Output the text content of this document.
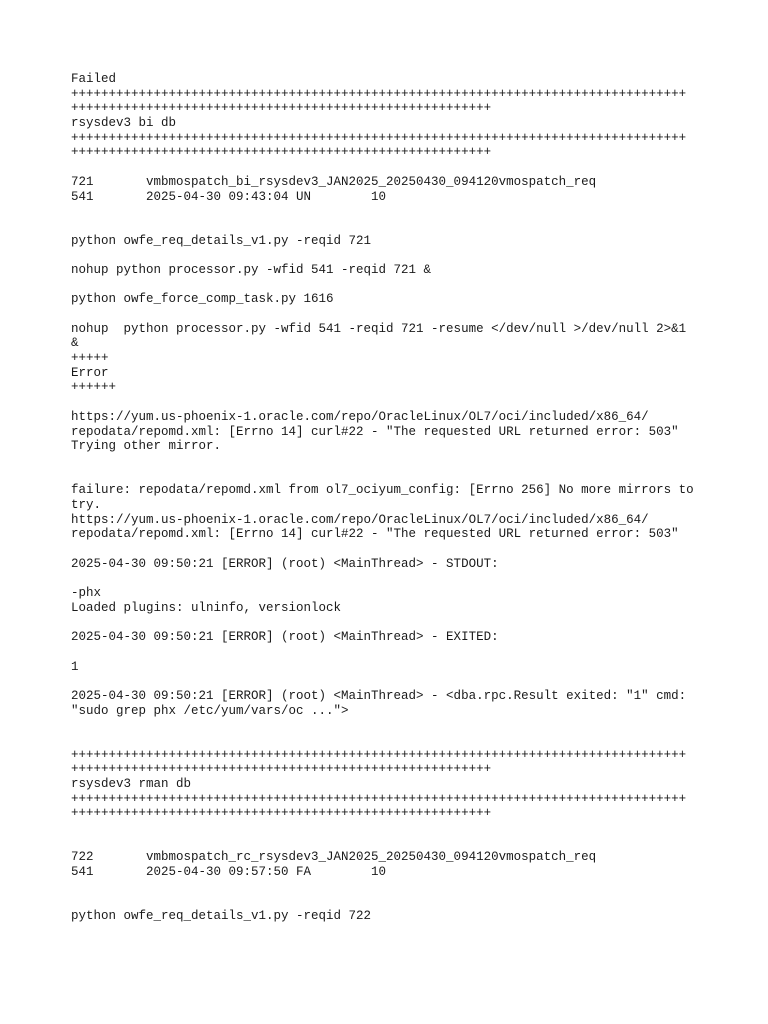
Failed
++++++++++++++++++++++++++++++++++++++++++++++++++++++++++++++++++++++++++++++++++
++++++++++++++++++++++++++++++++++++++++++++++++++++++++
rsysdev3 bi db
++++++++++++++++++++++++++++++++++++++++++++++++++++++++++++++++++++++++++++++++++
++++++++++++++++++++++++++++++++++++++++++++++++++++++++
721       vmbmospatch_bi_rsysdev3_JAN2025_20250430_094120vmospatch_req
541       2025-04-30 09:43:04 UN        10
python owfe_req_details_v1.py -reqid 721
nohup python processor.py -wfid 541 -reqid 721 &
python owfe_force_comp_task.py 1616
nohup  python processor.py -wfid 541 -reqid 721 -resume </dev/null >/dev/null 2>&1
&
+++++
Error
++++++
https://yum.us-phoenix-1.oracle.com/repo/OracleLinux/OL7/oci/included/x86_64/
repodata/repomd.xml: [Errno 14] curl#22 - "The requested URL returned error: 503"
Trying other mirror.
failure: repodata/repomd.xml from ol7_ociyum_config: [Errno 256] No more mirrors to
try.
https://yum.us-phoenix-1.oracle.com/repo/OracleLinux/OL7/oci/included/x86_64/
repodata/repomd.xml: [Errno 14] curl#22 - "The requested URL returned error: 503"
2025-04-30 09:50:21 [ERROR] (root) <MainThread> - STDOUT:
-phx
Loaded plugins: ulninfo, versionlock
2025-04-30 09:50:21 [ERROR] (root) <MainThread> - EXITED:
1
2025-04-30 09:50:21 [ERROR] (root) <MainThread> - <dba.rpc.Result exited: "1" cmd:
"sudo grep phx /etc/yum/vars/oc ...">
++++++++++++++++++++++++++++++++++++++++++++++++++++++++++++++++++++++++++++++++++
++++++++++++++++++++++++++++++++++++++++++++++++++++++++
rsysdev3 rman db
++++++++++++++++++++++++++++++++++++++++++++++++++++++++++++++++++++++++++++++++++
++++++++++++++++++++++++++++++++++++++++++++++++++++++++
722       vmbmospatch_rc_rsysdev3_JAN2025_20250430_094120vmospatch_req
541       2025-04-30 09:57:50 FA        10
python owfe_req_details_v1.py -reqid 722
